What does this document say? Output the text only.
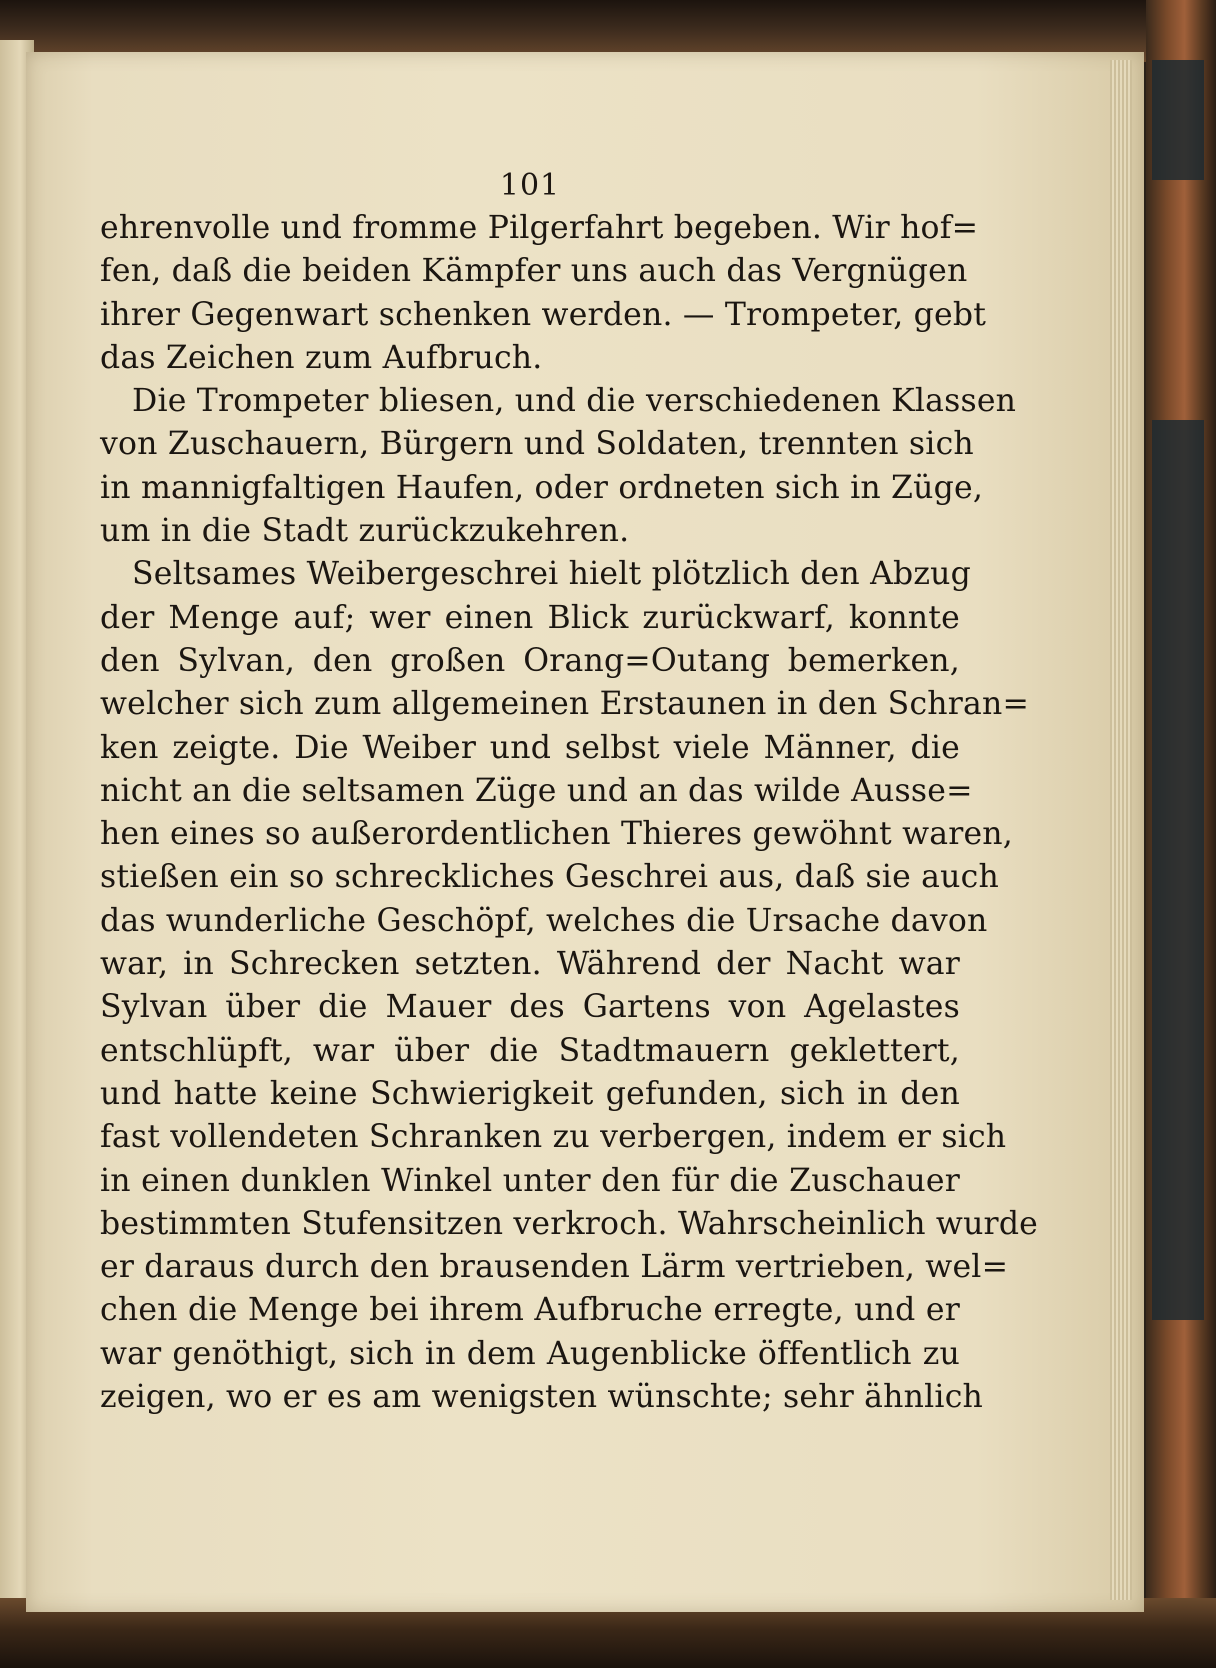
101
ehrenvolle und fromme Pilgerfahrt begeben. Wir hof=
fen, daß die beiden Kämpfer uns auch das Vergnügen
ihrer Gegenwart schenken werden. — Trompeter, gebt
das Zeichen zum Aufbruch.
Die Trompeter bliesen, und die verschiedenen Klassen
von Zuschauern, Bürgern und Soldaten, trennten sich
in mannigfaltigen Haufen, oder ordneten sich in Züge,
um in die Stadt zurückzukehren.
Seltsames Weibergeschrei hielt plötzlich den Abzug
der Menge auf; wer einen Blick zurückwarf, konnte
den Sylvan, den großen Orang=Outang bemerken,
welcher sich zum allgemeinen Erstaunen in den Schran=
ken zeigte. Die Weiber und selbst viele Männer, die
nicht an die seltsamen Züge und an das wilde Ausse=
hen eines so außerordentlichen Thieres gewöhnt waren,
stießen ein so schreckliches Geschrei aus, daß sie auch
das wunderliche Geschöpf, welches die Ursache davon
war, in Schrecken setzten. Während der Nacht war
Sylvan über die Mauer des Gartens von Agelastes
entschlüpft, war über die Stadtmauern geklettert,
und hatte keine Schwierigkeit gefunden, sich in den
fast vollendeten Schranken zu verbergen, indem er sich
in einen dunklen Winkel unter den für die Zuschauer
bestimmten Stufensitzen verkroch. Wahrscheinlich wurde
er daraus durch den brausenden Lärm vertrieben, wel=
chen die Menge bei ihrem Aufbruche erregte, und er
war genöthigt, sich in dem Augenblicke öffentlich zu
zeigen, wo er es am wenigsten wünschte; sehr ähnlich
